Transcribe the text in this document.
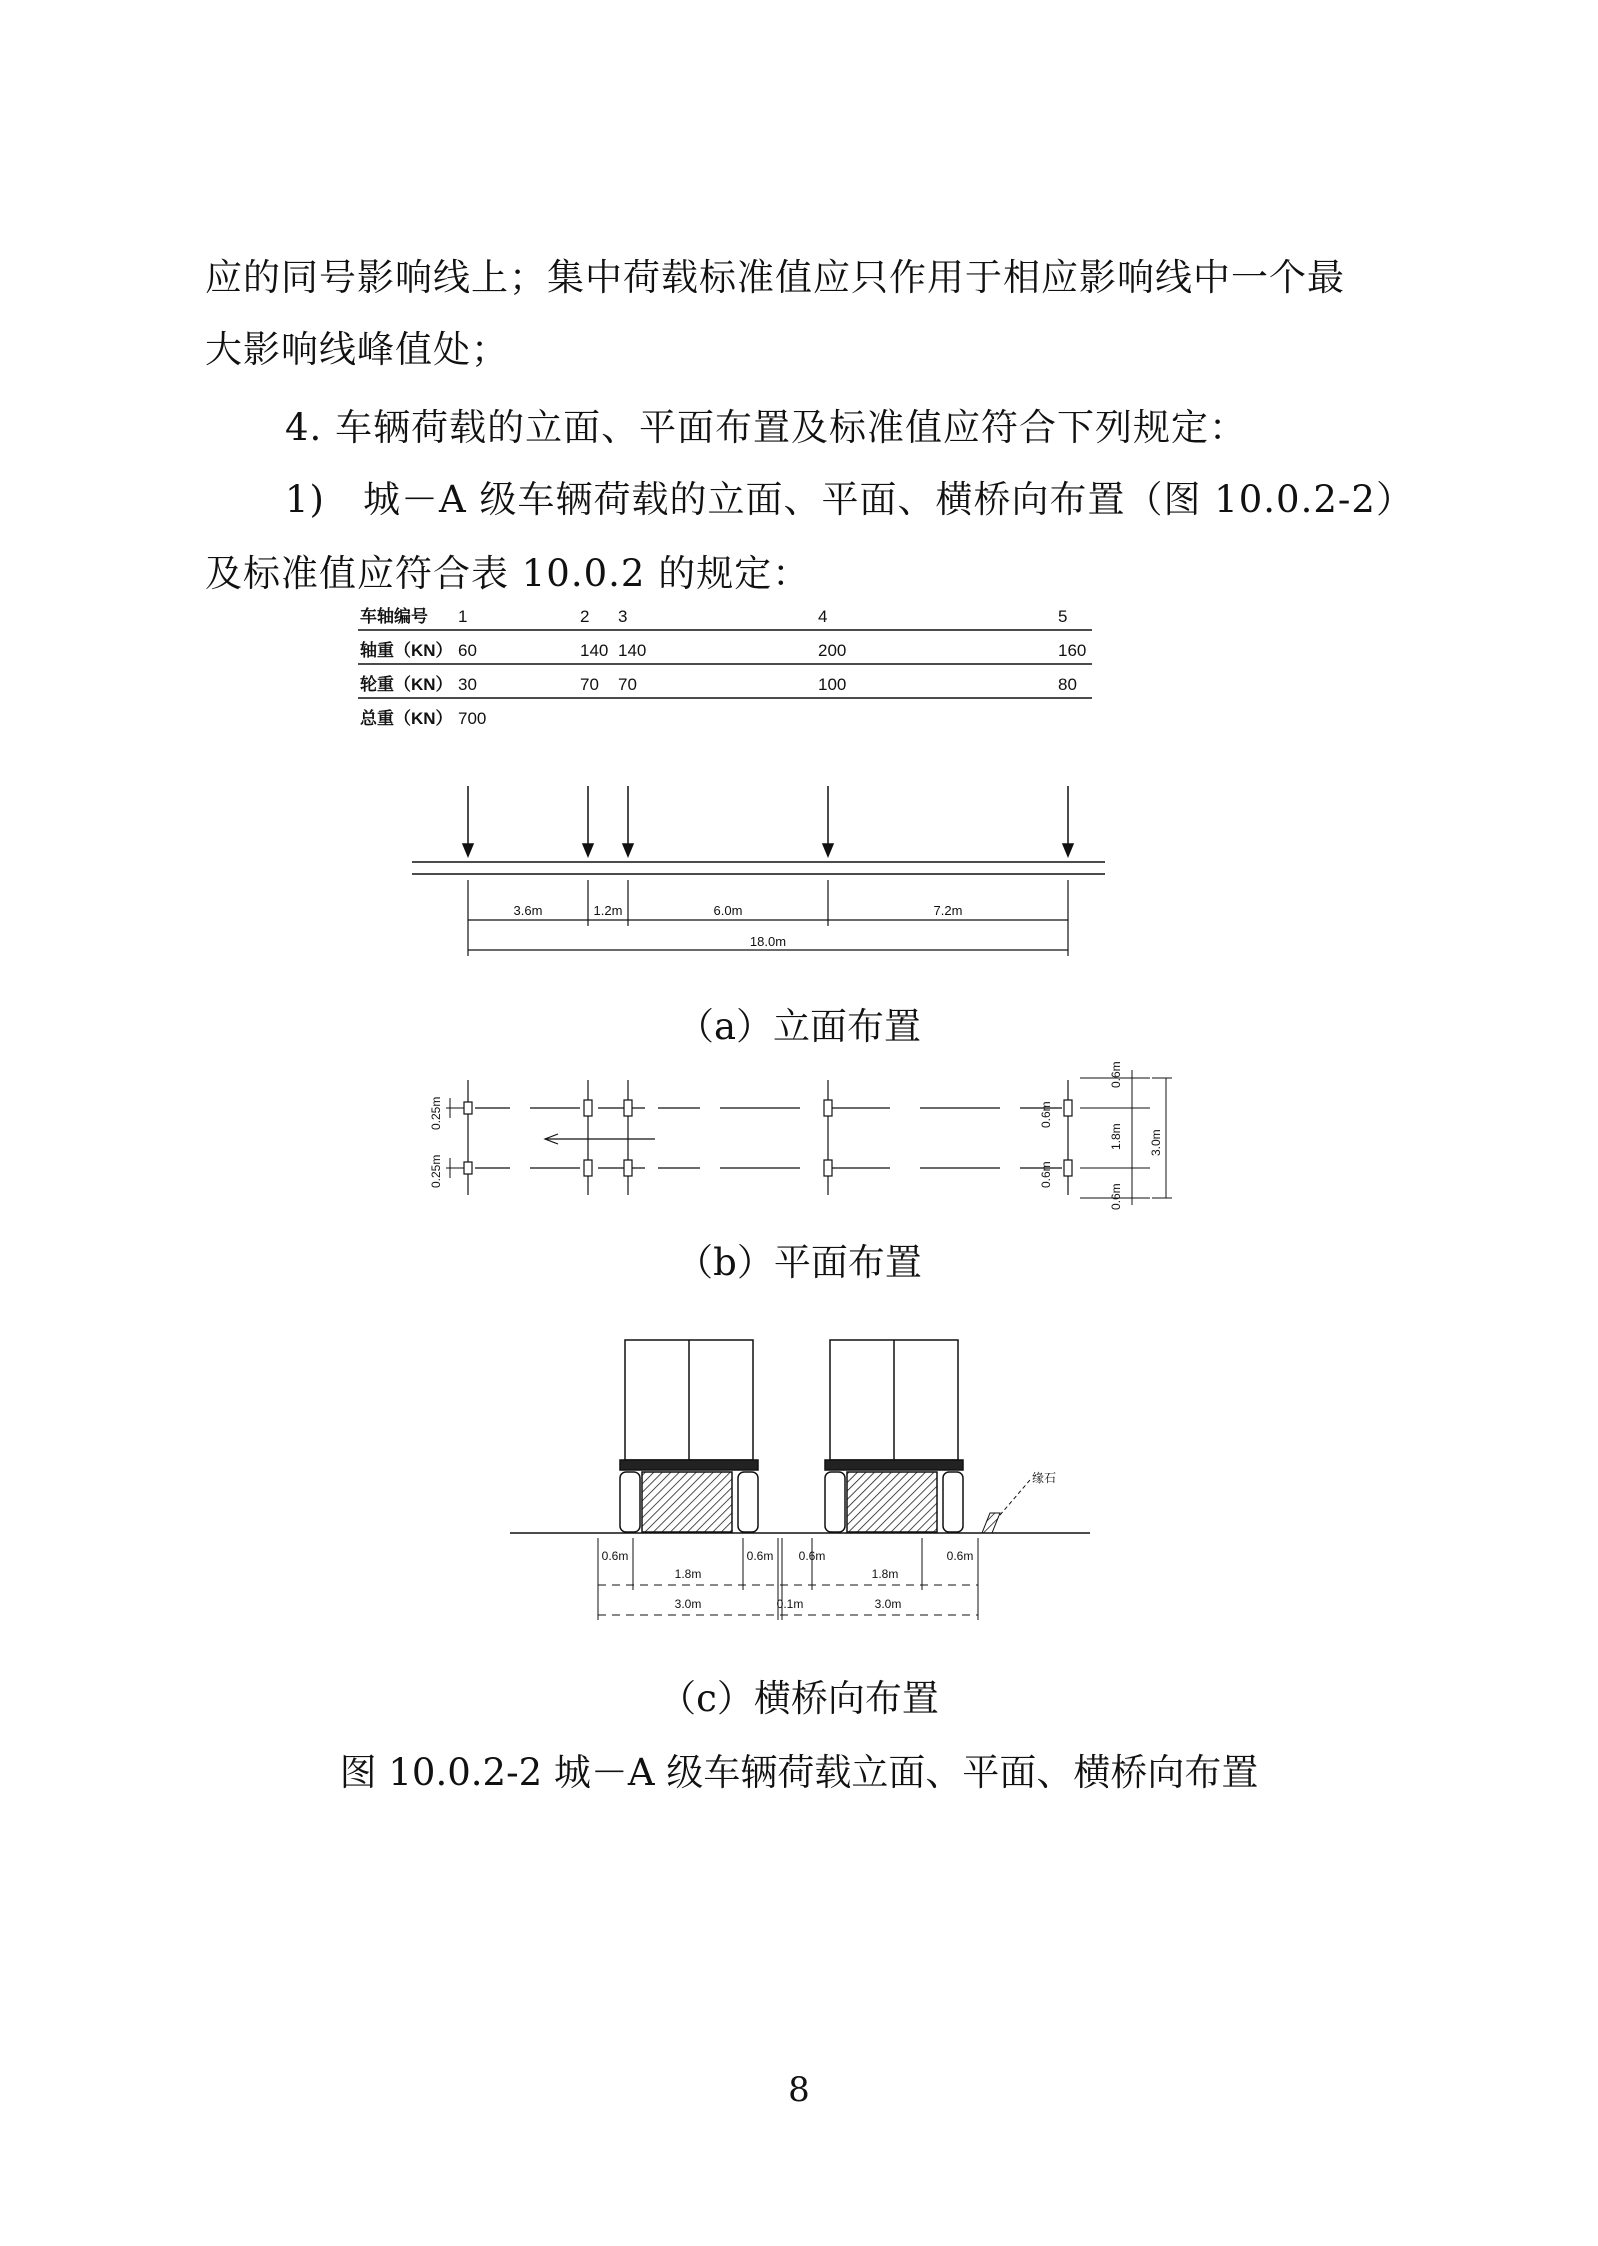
应的同号影响线上；集中荷载标准值应只作用于相应影响线中一个最
大影响线峰值处；
4. 车辆荷载的立面、平面布置及标准值应符合下列规定：
1)　城－A 级车辆荷载的立面、平面、横桥向布置（图 10.0.2-2）
及标准值应符合表 10.0.2 的规定：
车轴编号 1	2 3	4	5
轴重（KN） 60	140 140	200	160
轮重（KN） 30	70 70	100	80
总重（KN） 700
3.6m	1.2m	6.0m	7.2m
18.0m
（a）立面布置
0.25m
0.25m
0.6m
0.6m
0.6m
1.8m 3.0m
0.6m
（b）平面布置
缘石
0.6m
1.8m
0.6m 0.6m
1.8m
0.6m
3.0m	0.1m	3.0m
（c）横桥向布置
图 10.0.2-2 城－A 级车辆荷载立面、平面、横桥向布置
8
